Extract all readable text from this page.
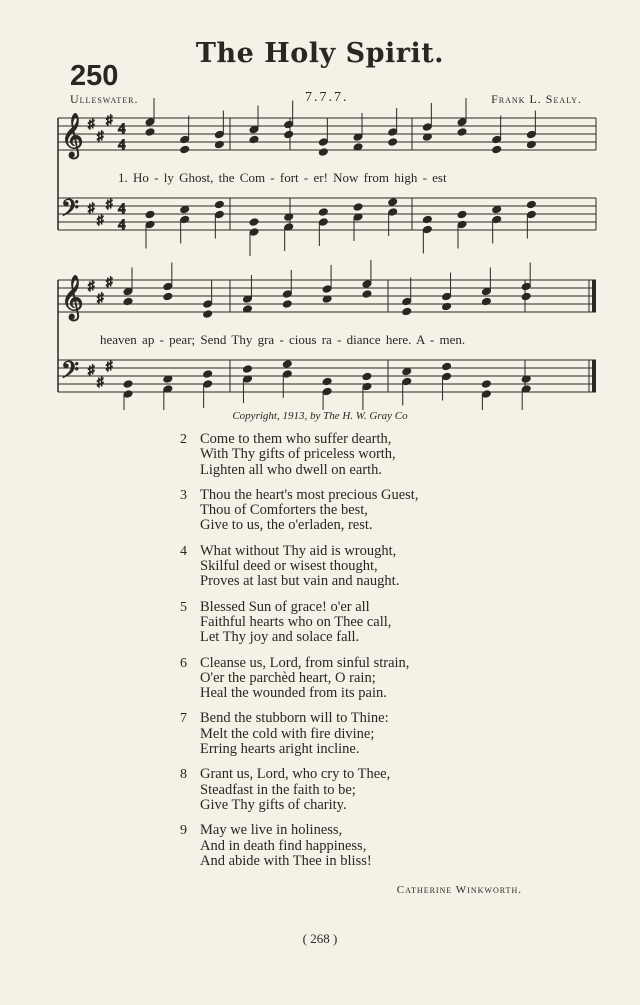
The Holy Spirit.
250
Ulleswater.	7.7.7.	Frank L. Sealy.
𝄞 ♯
♯
♯
4
4
𝄢 ♯
♯
♯ 4
4
𝄞 ♯
♯
♯
𝄢 ♯
♯
♯
1. Ho - ly Ghost, the Com - fort - er! Now from high - est
heaven ap - pear; Send Thy gra - cious ra - diance here. A - men.
Copyright, 1913, by The H. W. Gray Co
2 Come to them who suffer dearth,
With Thy gifts of priceless worth,
Lighten all who dwell on earth.
3 Thou the heart's most precious Guest,
Thou of Comforters the best,
Give to us, the o'erladen, rest.
4 What without Thy aid is wrought,
Skilful deed or wisest thought,
Proves at last but vain and naught.
5 Blessed Sun of grace! o'er all
Faithful hearts who on Thee call,
Let Thy joy and solace fall.
6 Cleanse us, Lord, from sinful strain,
O'er the parchèd heart, O rain;
Heal the wounded from its pain.
7 Bend the stubborn will to Thine:
Melt the cold with fire divine;
Erring hearts aright incline.
8 Grant us, Lord, who cry to Thee,
Steadfast in the faith to be;
Give Thy gifts of charity.
9 May we live in holiness,
And in death find happiness,
And abide with Thee in bliss!
Catherine Winkworth.
( 268 )
